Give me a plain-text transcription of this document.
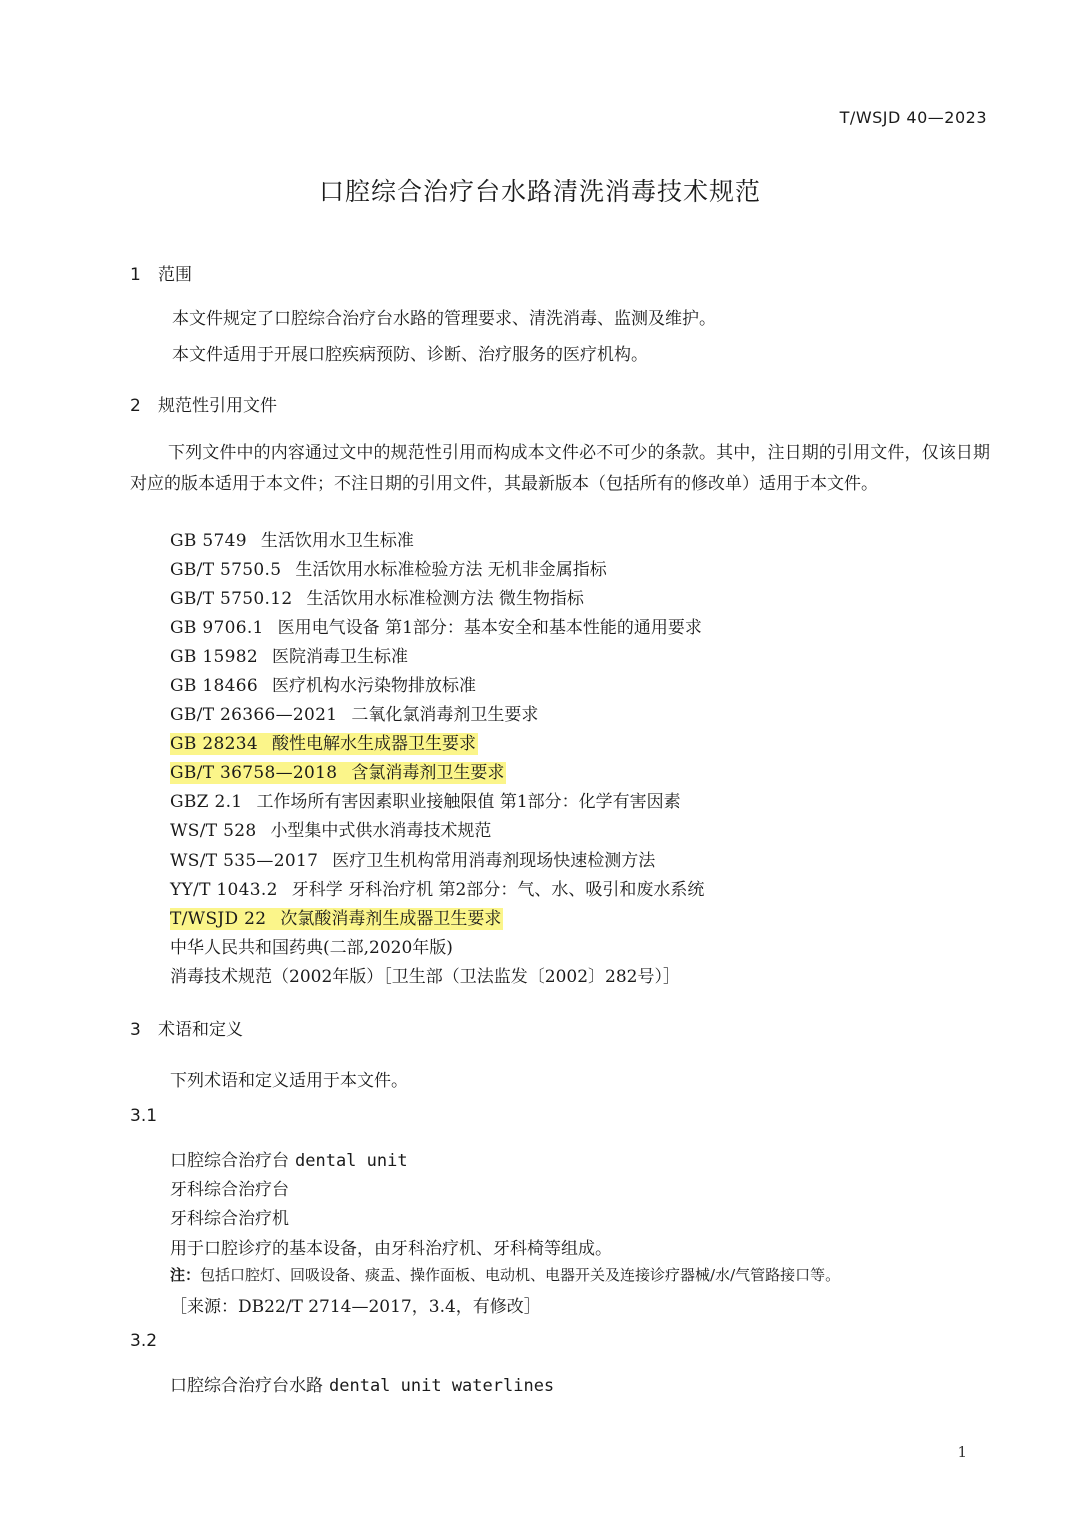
T/WSJD 40—2023
口腔综合治疗台水路清洗消毒技术规范
1 范围
本文件规定了口腔综合治疗台水路的管理要求、清洗消毒、监测及维护。
本文件适用于开展口腔疾病预防、诊断、治疗服务的医疗机构。
2 规范性引用文件
下列文件中的内容通过文中的规范性引用而构成本文件必不可少的条款。其中，注日期的引用文件，仅该日期对应的版本适用于本文件；不注日期的引用文件，其最新版本（包括所有的修改单）适用于本文件。
GB 5749 生活饮用水卫生标准
GB/T 5750.5 生活饮用水标准检验方法 无机非金属指标
GB/T 5750.12 生活饮用水标准检测方法 微生物指标
GB 9706.1 医用电气设备 第1部分：基本安全和基本性能的通用要求
GB 15982 医院消毒卫生标准
GB 18466 医疗机构水污染物排放标准
GB/T 26366—2021 二氧化氯消毒剂卫生要求
GB 28234 酸性电解水生成器卫生要求
GB/T 36758—2018 含氯消毒剂卫生要求
GBZ 2.1 工作场所有害因素职业接触限值 第1部分：化学有害因素
WS/T 528 小型集中式供水消毒技术规范
WS/T 535—2017 医疗卫生机构常用消毒剂现场快速检测方法
YY/T 1043.2 牙科学 牙科治疗机 第2部分：气、水、吸引和废水系统
T/WSJD 22 次氯酸消毒剂生成器卫生要求
中华人民共和国药典(二部,2020年版)
消毒技术规范（2002年版）［卫生部（卫法监发〔2002〕282号）］
3 术语和定义
下列术语和定义适用于本文件。
3.1
口腔综合治疗台 dental unit
牙科综合治疗台
牙科综合治疗机
用于口腔诊疗的基本设备，由牙科治疗机、牙科椅等组成。
注：包括口腔灯、回吸设备、痰盂、操作面板、电动机、电器开关及连接诊疗器械/水/气管路接口等。
［来源：DB22/T 2714—2017，3.4，有修改］
3.2
口腔综合治疗台水路 dental unit waterlines
1
